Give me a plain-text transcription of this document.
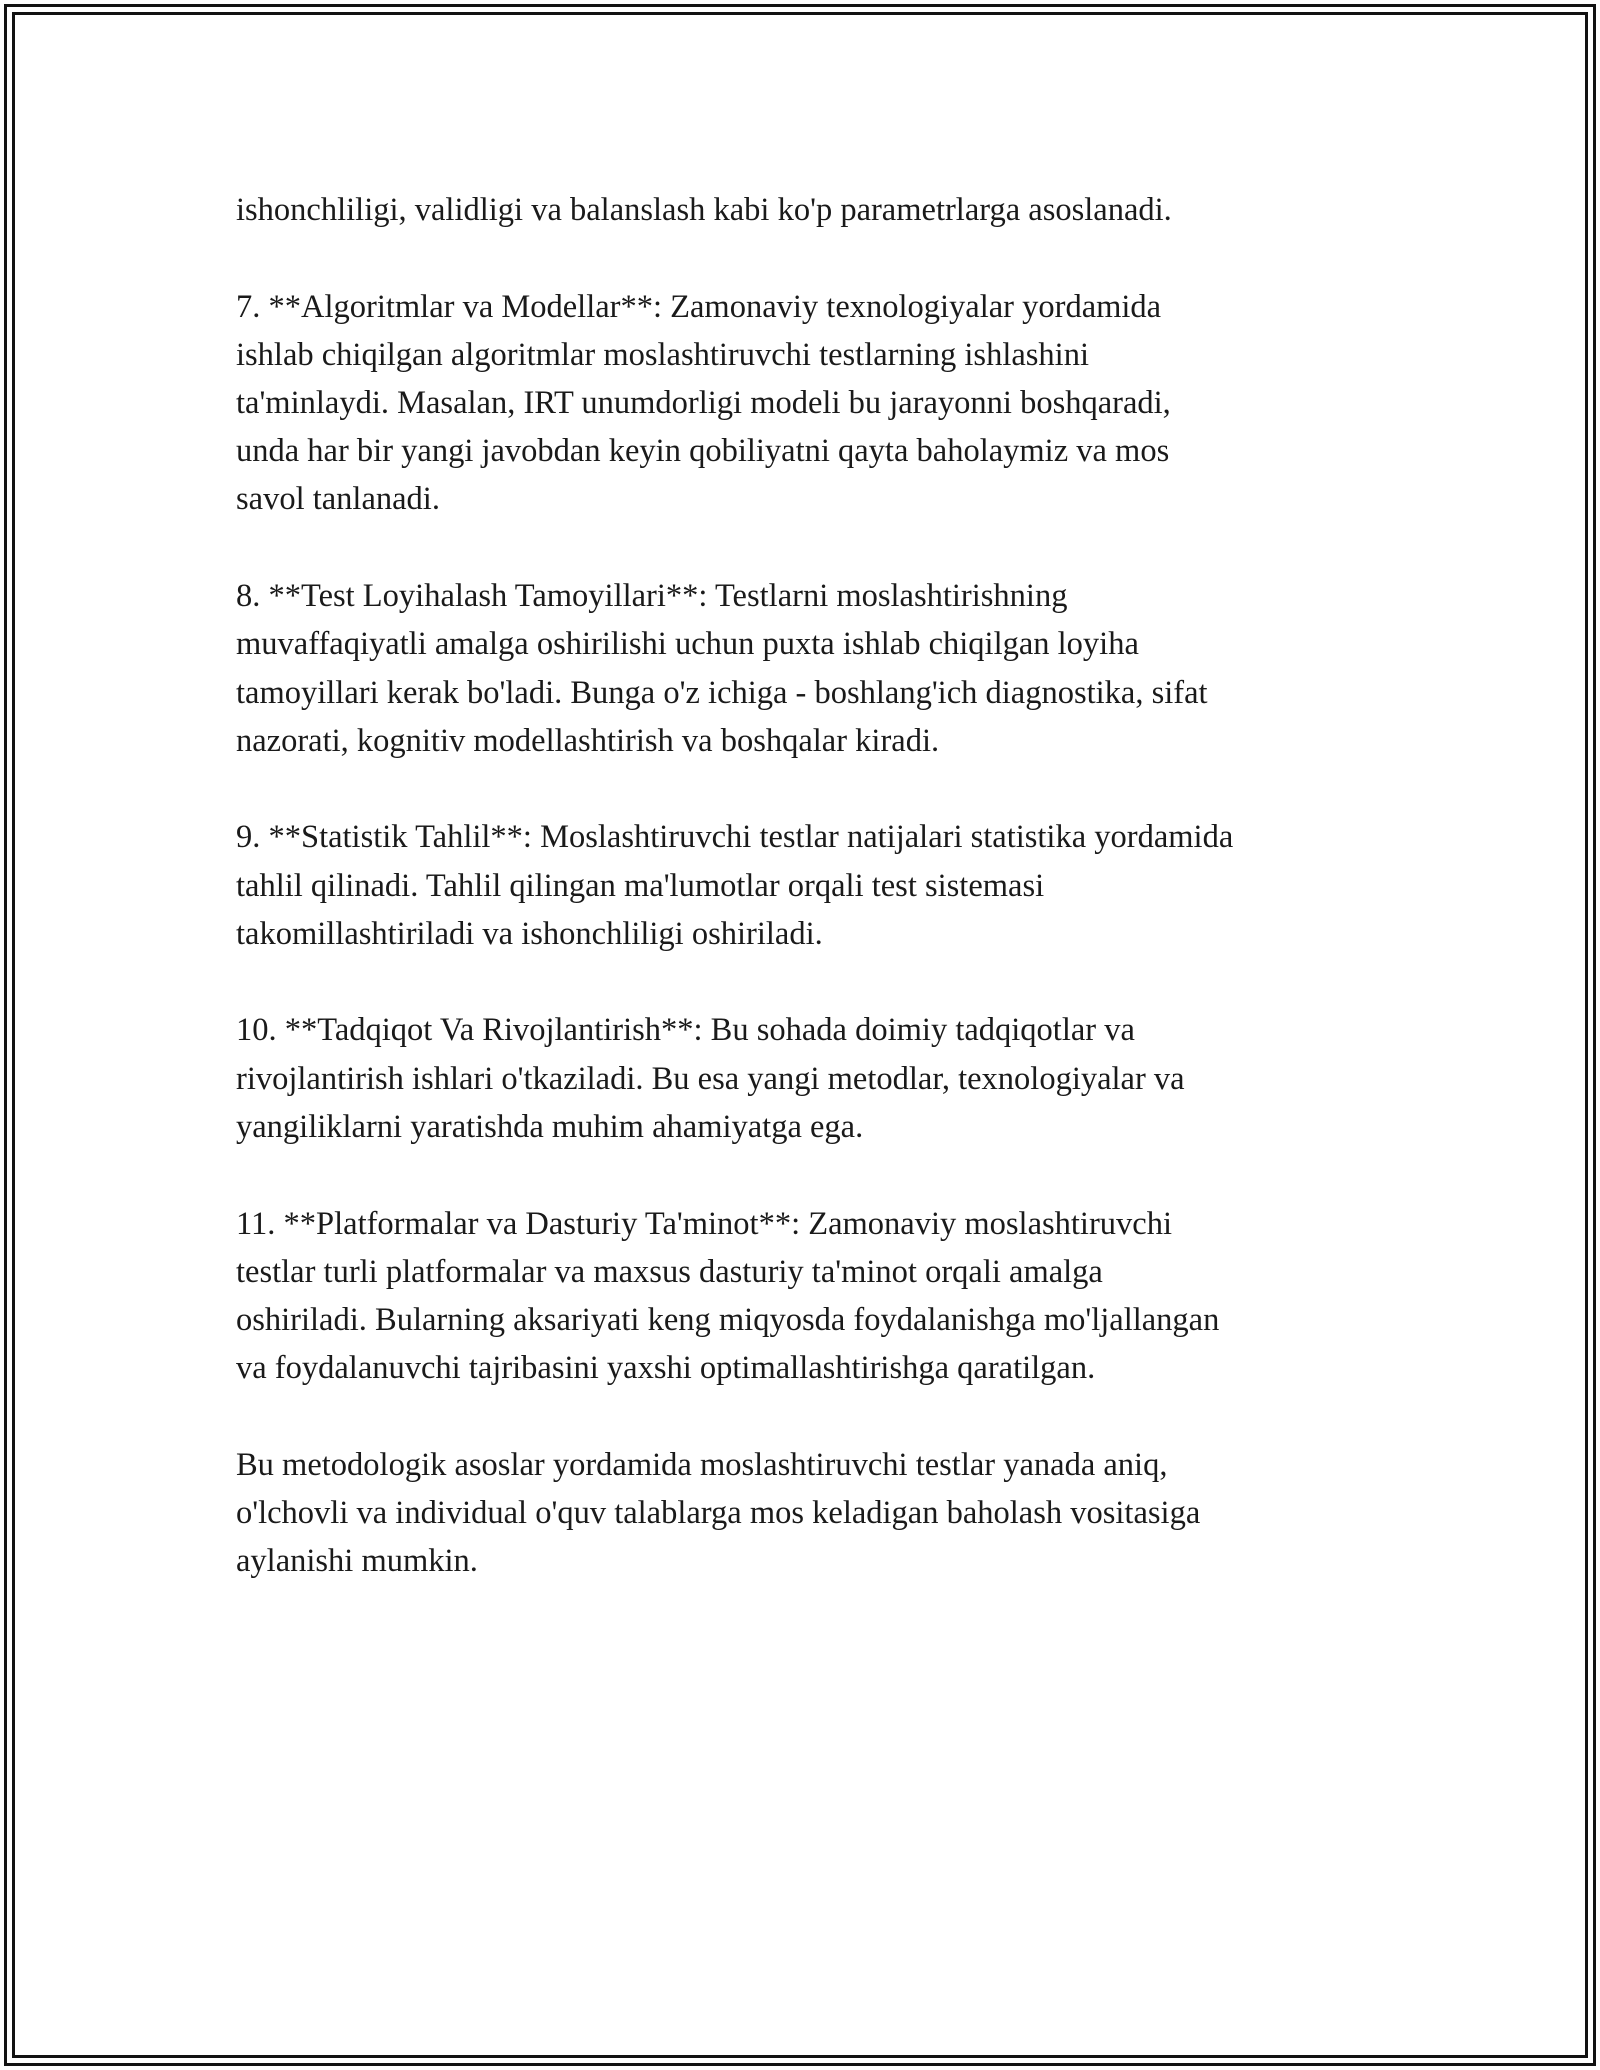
ishonchliligi, validligi va balanslash kabi ko'p parametrlarga asoslanadi.
7. **Algoritmlar va Modellar**: Zamonaviy texnologiyalar yordamida
ishlab chiqilgan algoritmlar moslashtiruvchi testlarning ishlashini
ta'minlaydi. Masalan, IRT unumdorligi modeli bu jarayonni boshqaradi,
unda har bir yangi javobdan keyin qobiliyatni qayta baholaymiz va mos
savol tanlanadi.
8. **Test Loyihalash Tamoyillari**: Testlarni moslashtirishning
muvaffaqiyatli amalga oshirilishi uchun puxta ishlab chiqilgan loyiha
tamoyillari kerak bo'ladi. Bunga o'z ichiga - boshlang'ich diagnostika, sifat
nazorati, kognitiv modellashtirish va boshqalar kiradi.
9. **Statistik Tahlil**: Moslashtiruvchi testlar natijalari statistika yordamida
tahlil qilinadi. Tahlil qilingan ma'lumotlar orqali test sistemasi
takomillashtiriladi va ishonchliligi oshiriladi.
10. **Tadqiqot Va Rivojlantirish**: Bu sohada doimiy tadqiqotlar va
rivojlantirish ishlari o'tkaziladi. Bu esa yangi metodlar, texnologiyalar va
yangiliklarni yaratishda muhim ahamiyatga ega.
11. **Platformalar va Dasturiy Ta'minot**: Zamonaviy moslashtiruvchi
testlar turli platformalar va maxsus dasturiy ta'minot orqali amalga
oshiriladi. Bularning aksariyati keng miqyosda foydalanishga mo'ljallangan
va foydalanuvchi tajribasini yaxshi optimallashtirishga qaratilgan.
Bu metodologik asoslar yordamida moslashtiruvchi testlar yanada aniq,
o'lchovli va individual o'quv talablarga mos keladigan baholash vositasiga
aylanishi mumkin.
